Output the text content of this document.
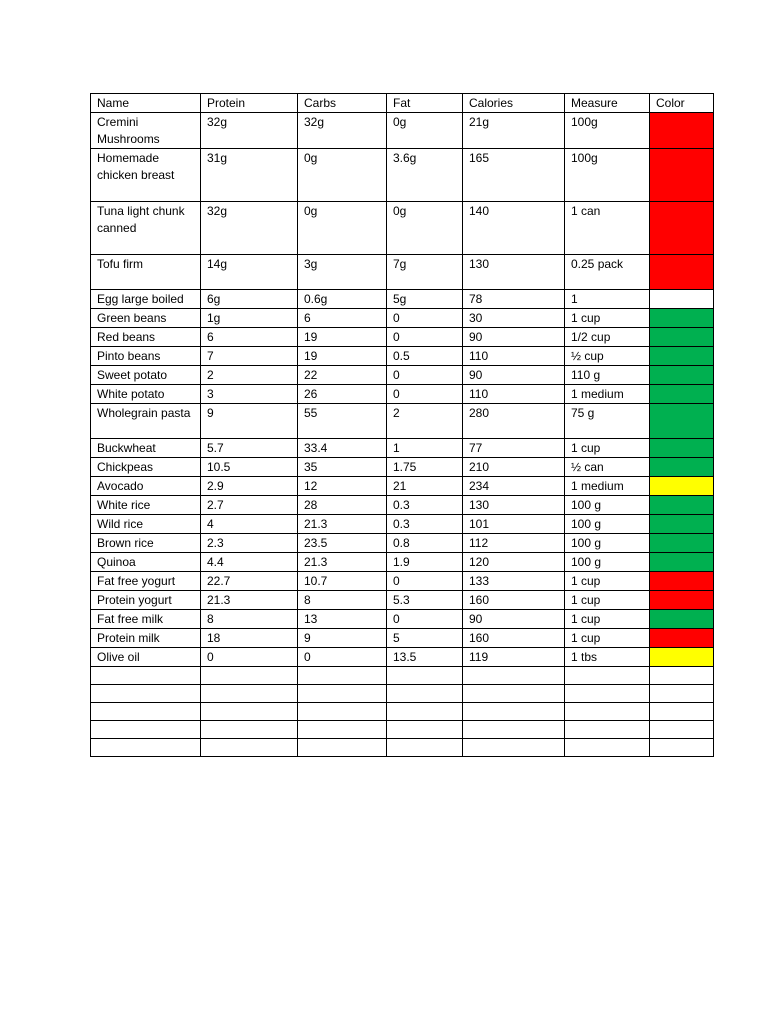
Name	Protein	Carbs	Fat	Calories	Measure	Color
Cremini Mushrooms	32g	32g	0g	21g	100g	
Homemade chicken breast	31g	0g	3.6g	165	100g	
Tuna light chunk canned	32g	0g	0g	140	1 can	
Tofu firm	14g	3g	7g	130	0.25 pack	
Egg large boiled	6g	0.6g	5g	78	1	
Green beans	1g	6	0	30	1 cup	
Red beans	6	19	0	90	1/2 cup	
Pinto beans	7	19	0.5	110	½ cup	
Sweet potato	2	22	0	90	110 g	
White potato	3	26	0	110	1 medium	
Wholegrain pasta	9	55	2	280	75 g	
Buckwheat	5.7	33.4	1	77	1 cup	
Chickpeas	10.5	35	1.75	210	½ can	
Avocado	2.9	12	21	234	1 medium	
White rice	2.7	28	0.3	130	100 g	
Wild rice	4	21.3	0.3	101	100 g	
Brown rice	2.3	23.5	0.8	112	100 g	
Quinoa	4.4	21.3	1.9	120	100 g	
Fat free yogurt	22.7	10.7	0	133	1 cup	
Protein yogurt	21.3	8	5.3	160	1 cup	
Fat free milk	8	13	0	90	1 cup	
Protein milk	18	9	5	160	1 cup	
Olive oil	0	0	13.5	119	1 tbs	
